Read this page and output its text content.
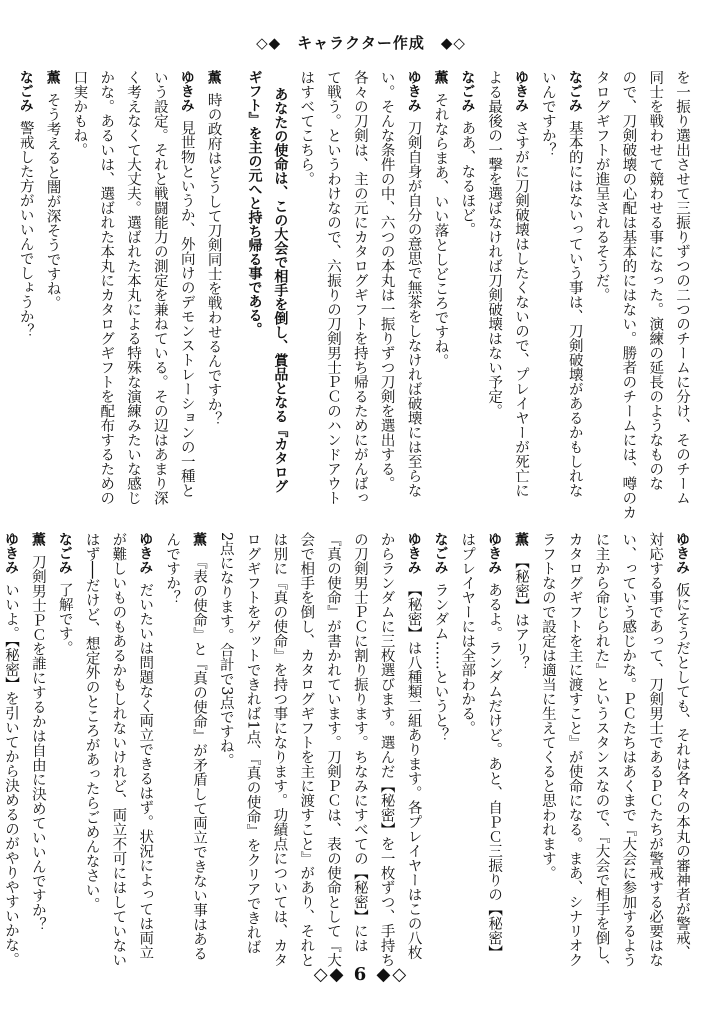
◇◆　キャラクター作成　◆◇
を一振り選出させて三振りずつの二つのチームに分け、そのチーム
同士を戦わせて競わせる事になった。演練の延長のようなものな
ので、刀剣破壊の心配は基本的にはない。勝者のチームには、噂のカ
タログギフトが進呈されるそうだ。
なごみ基本的にはないっていう事は、刀剣破壊があるかもしれな
いんですか？
ゆきみさすがに刀剣破壊はしたくないので、プレイヤーが死亡に
よる最後の一撃を選ばなければ刀剣破壊はない予定。
なごみああ、なるほど。
薫それならまあ、いい落としどころですね。
ゆきみ刀剣自身が自分の意思で無茶をしなければ破壊には至らな
い。そんな条件の中、六つの本丸は一振りずつ刀剣を選出する。
各々の刀剣は、主の元にカタログギフトを持ち帰るためにがんばっ
て戦う。というわけなので、六振りの刀剣男士ＰＣのハンドアウト
はすべてこちら。
あなたの使命は、この大会で相手を倒し、賞品となる『カタログ
ギフト』を主の元へと持ち帰る事である。
薫時の政府はどうして刀剣同士を戦わせるんですか？
ゆきみ見世物というか、外向けのデモンストレーションの一種と
いう設定。それと戦闘能力の測定を兼ねている。その辺はあまり深
く考えなくて大丈夫。選ばれた本丸による特殊な演練みたいな感じ
かな。あるいは、選ばれた本丸にカタログギフトを配布するための
口実かもね。
薫そう考えると闇が深そうですね。
なごみ警戒した方がいいんでしょうか？
ゆきみ仮にそうだとしても、それは各々の本丸の審神者が警戒、
対応する事であって、刀剣男士であるＰＣたちが警戒する必要はな
い、っていう感じかな。ＰＣたちはあくまで『大会に参加するよう
に主から命じられた』というスタンスなので、『大会で相手を倒し、
カタログギフトを主に渡すこと』が使命になる。まあ、シナリオク
ラフトなので設定は適当に生えてくると思われます。
薫【秘密】はアリ？
ゆきみあるよ。ランダムだけど。あと、自ＰＣ三振りの【秘密】
はプレイヤーには全部わかる。
なごみランダム……というと？
ゆきみ【秘密】は八種類二組あります。各プレイヤーはこの八枚
からランダムに三枚選びます。選んだ【秘密】を一枚ずつ、手持ち
の刀剣男士ＰＣに割り振ります。ちなみにすべての【秘密】には
『真の使命』が書かれています。刀剣ＰＣは、表の使命として『大
会で相手を倒し、カタログギフトを主に渡すこと』があり、それと
は別に『真の使命』を持つ事になります。功績点については、カタ
ログギフトをゲットできれば1点、『真の使命』をクリアできれば
2点になります。合計で3点ですね。
薫『表の使命』と『真の使命』が矛盾して両立できない事はある
んですか？
ゆきみだいたいは問題なく両立できるはず。状況によっては両立
が難しいものもあるかもしれないけれど、両立不可にはしていない
はず──だけど、想定外のところがあったらごめんなさい。
なごみ了解です。
薫刀剣男士ＰＣを誰にするかは自由に決めていいんですか？
ゆきみいいよ。【秘密】を引いてから決めるのがやりやすいかな。
◇◆ 6 ◆◇
